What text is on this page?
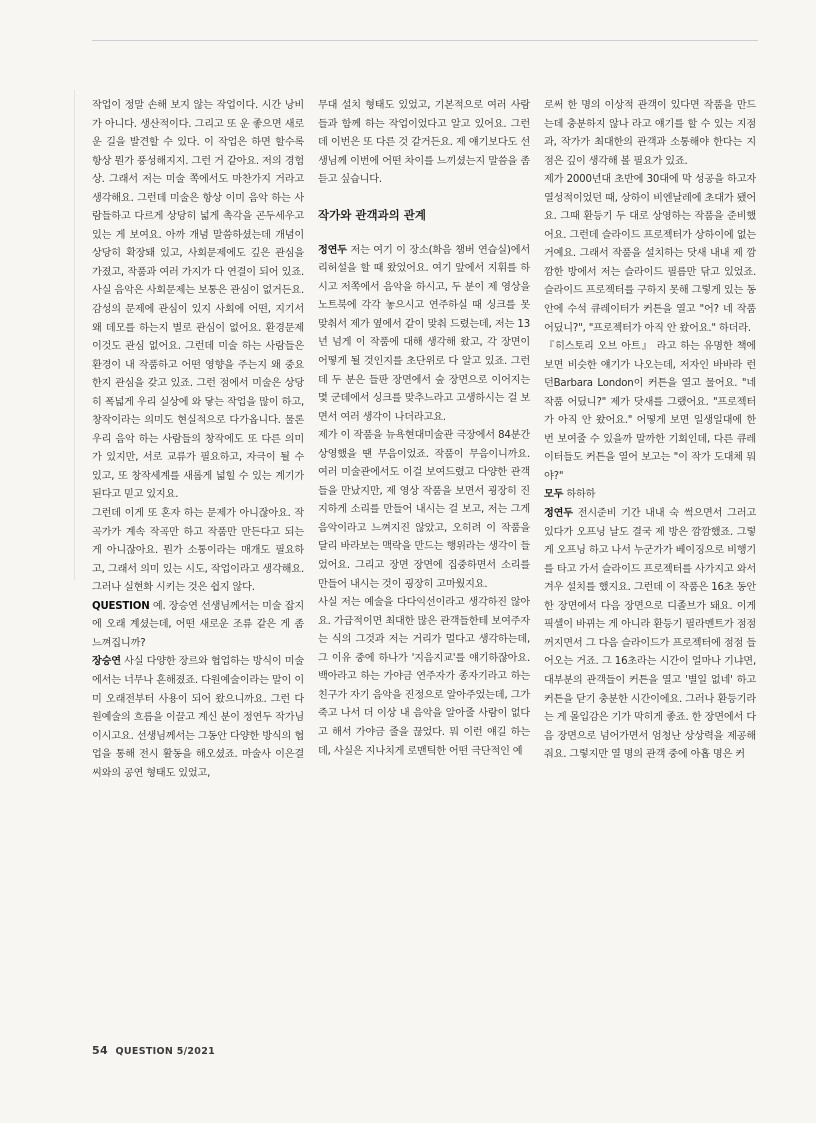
작업이 정말 손해 보지 않는 작업이다. 시간 낭비가 아니다. 생산적이다. 그리고 또 운 좋으면 새로운 길을 발견할 수 있다. 이 작업은 하면 할수록 항상 뭔가 풍성해지지. 그런 거 같아요. 저의 경험상. 그래서 저는 미술 쪽에서도 마찬가지 거라고 생각해요. 그런데 미술은 항상 이미 음악 하는 사람들하고 다르게 상당히 넓게 촉각을 곤두세우고 있는 게 보여요. 아까 개념 말씀하셨는데 개념이 상당히 확장돼 있고, 사회문제에도 깊은 관심을 가졌고, 작품과 여러 가지가 다 연결이 되어 있죠. 사실 음악은 사회문제는 보통은 관심이 없거든요. 감성의 문제에 관심이 있지 사회에 어떤, 지기서 왜 데모를 하는지 별로 관심이 없어요. 환경문제 이것도 관심 없어요. 그런데 미술 하는 사람들은 환경이 내 작품하고 어떤 영향을 주는지 왜 중요한지 관심을 갖고 있죠. 그런 점에서 미술은 상당히 폭넓게 우리 실상에 와 닿는 작업을 많이 하고, 창작이라는 의미도 현실적으로 다가옵니다. 물론 우리 음악 하는 사람들의 창작에도 또 다른 의미가 있지만, 서로 교류가 필요하고, 자극이 될 수 있고, 또 창작세계를 새롭게 넓힐 수 있는 계기가 된다고 믿고 있지요.

그런데 이게 또 혼자 하는 문제가 아니잖아요. 작곡가가 계속 작곡만 하고 작품만 만든다고 되는 게 아니잖아요. 뭔가 소통이라는 매개도 필요하고, 그래서 의미 있는 시도, 작업이라고 생각해요. 그러나 실현화 시키는 것은 쉽지 않다.

QUESTION 예. 장승연 선생님께서는 미술 잡지에 오래 계셨는데, 어떤 새로운 조류 같은 게 좀 느껴집니까?

장승연 사실 다양한 장르와 협업하는 방식이 미술에서는 너무나 흔해졌죠. 다원예술이라는 말이 이미 오래전부터 사용이 되어 왔으니까요. 그런 다원예술의 흐름을 이끌고 계신 분이 정연두 작가님이시고요. 선생님께서는 그동안 다양한 방식의 협업을 통해 전시 활동을 해오셨죠. 마술사 이은결 씨와의 공연 형태도 있었고,

무대 설치 형태도 있었고, 기본적으로 여러 사람들과 함께 하는 작업이었다고 알고 있어요. 그런데 이번은 또 다른 것 같거든요. 제 얘기보다도 선생님께 이번에 어떤 차이를 느끼셨는지 말씀을 좀 듣고 싶습니다.

작가와 관객과의 관계

정연두 저는 여기 이 장소(화음 챔버 연습실)에서 리허설을 할 때 왔었어요. 여기 앞에서 지휘를 하시고 저쪽에서 음악을 하시고, 두 분이 제 영상을 노트북에 각각 놓으시고 연주하실 때 싱크를 못 맞춰서 제가 옆에서 같이 맞춰 드렸는데, 저는 13년 넘게 이 작품에 대해 생각해 왔고, 각 장면이 어떻게 될 것인지를 초단위로 다 알고 있죠. 그런데 두 분은 들판 장면에서 숲 장면으로 이어지는 몇 군데에서 싱크를 맞추느라고 고생하시는 걸 보면서 여러 생각이 나더라고요.

제가 이 작품을 뉴욕현대미술관 극장에서 84분간 상영했을 땐 무음이었죠. 작품이 무음이니까요. 여러 미술관에서도 이걸 보여드렸고 다양한 관객들을 만났지만, 제 영상 작품을 보면서 굉장히 진지하게 소리를 만들어 내시는 걸 보고, 저는 그게 음악이라고 느껴지진 않았고, 오히려 이 작품을 달리 바라보는 맥락을 만드는 행위라는 생각이 들었어요. 그리고 장면 장면에 집중하면서 소리를 만들어 내시는 것이 굉장히 고마웠지요.

사실 저는 예술을 다다익선이라고 생각하진 않아요. 가급적이면 최대한 많은 관객들한테 보여주자는 식의 그것과 저는 거리가 멀다고 생각하는데, 그 이유 중에 하나가 '지음지교'를 얘기하잖아요. 백아라고 하는 가야금 연주자가 종자기라고 하는 친구가 자기 음악을 진정으로 알아주었는데, 그가 죽고 나서 더 이상 내 음악을 알아줄 사람이 없다고 해서 가야금 줄을 끊었다. 뭐 이런 얘길 하는데, 사실은 지나치게 로맨틱한 어떤 극단적인 예

로써 한 명의 이상적 관객이 있다면 작품을 만드는데 충분하지 않나 라고 얘기를 할 수 있는 지점과, 작가가 최대한의 관객과 소통해야 한다는 지점은 깊이 생각해 볼 필요가 있죠.

제가 2000년대 초반에 30대에 막 성공을 하고자 열성적이었던 때, 상하이 비엔날레에 초대가 됐어요. 그때 환등기 두 대로 상영하는 작품을 준비했어요. 그런데 슬라이드 프로젝터가 상하이에 없는 거예요. 그래서 작품을 설치하는 닷새 내내 제 깜깜한 방에서 저는 슬라이드 필름만 닦고 있었죠. 슬라이드 프로젝터를 구하지 못해 그렇게 있는 동안에 수석 큐레이터가 커튼을 열고 "어? 네 작품 어딨니?", "프로젝터가 아직 안 왔어요." 하더라.

『히스토리 오브 아트』 라고 하는 유명한 책에 보면 비슷한 얘기가 나오는데, 저자인 바바라 런던Barbara London이 커튼을 열고 물어요. "네 작품 어딨니?" 제가 닷새를 그랬어요. "프로젝터가 아직 안 왔어요." 어떻게 보면 일생일대에 한 번 보여줄 수 있을까 말까한 기회인데, 다른 큐레이터들도 커튼을 열어 보고는 "이 작가 도대체 뭐야?"

모두 하하하

정연두 전시준비 기간 내내 숙 썩으면서 그러고 있다가 오프닝 날도 결국 제 방은 깜깜했죠. 그렇게 오프닝 하고 나서 누군가가 베이징으로 비행기를 타고 가서 슬라이드 프로젝터를 사가지고 와서 겨우 설치를 했지요. 그런데 이 작품은 16초 동안 한 장면에서 다음 장면으로 디졸브가 돼요. 이게 픽셀이 바뀌는 게 아니라 환등기 필라멘트가 점점 꺼지면서 그 다음 슬라이드가 프로젝터에 점점 들어오는 거죠. 그 16초라는 시간이 얼마나 기냐면, 대부분의 관객들이 커튼을 열고 '별일 없네' 하고 커튼을 닫기 충분한 시간이에요. 그러나 환등기라는 게 몰입감은 기가 막히게 좋죠. 한 장면에서 다음 장면으로 넘어가면서 엄청난 상상력을 제공해 줘요. 그렇지만 열 명의 관객 중에 아홉 명은 커

54 QUESTION 5/2021
